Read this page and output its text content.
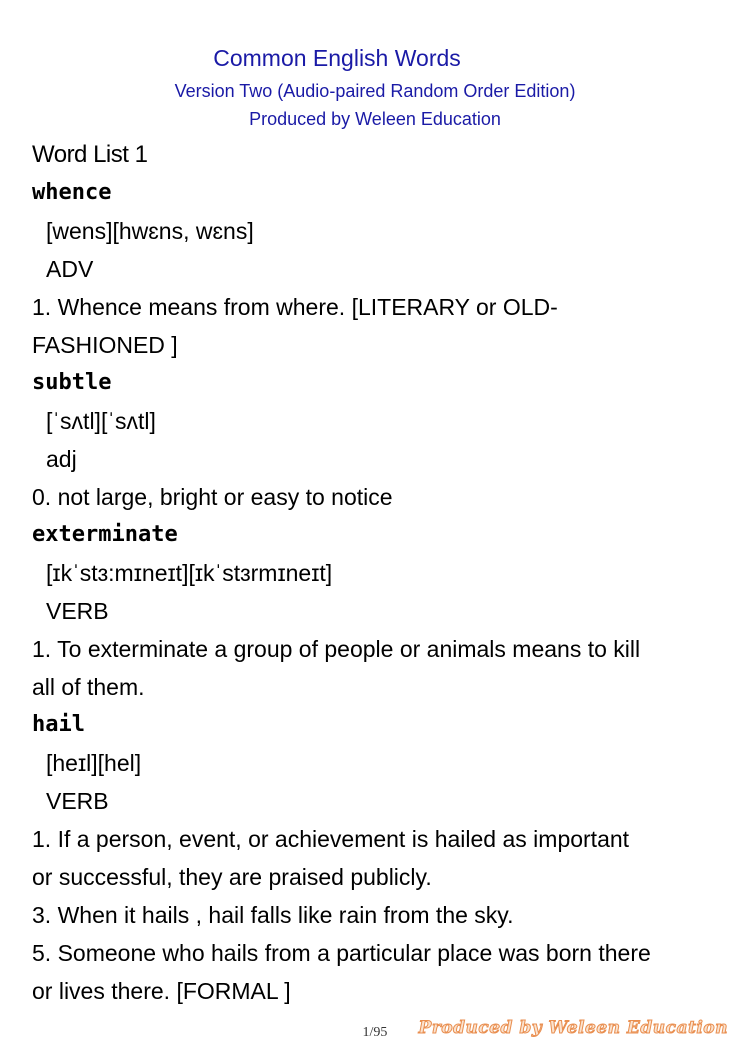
Common English Words
Version Two (Audio-paired Random Order Edition)
Produced by Weleen Education
Word List 1
whence
[wens][hwɛns, wɛns]
ADV
1. Whence means from where. [LITERARY or OLD-
FASHIONED ]
subtle
[ˈsʌtl][ˈsʌtl]
adj
0. not large, bright or easy to notice
exterminate
[ɪkˈstɜ:mɪneɪt][ɪkˈstɜrmɪneɪt]
VERB
1. To exterminate a group of people or animals means to kill
all of them.
hail
[heɪl][hel]
VERB
1. If a person, event, or achievement is hailed as important
or successful, they are praised publicly.
3. When it hails , hail falls like rain from the sky.
5. Someone who hails from a particular place was born there
or lives there. [FORMAL ]
1/95	Produced by Weleen Education
